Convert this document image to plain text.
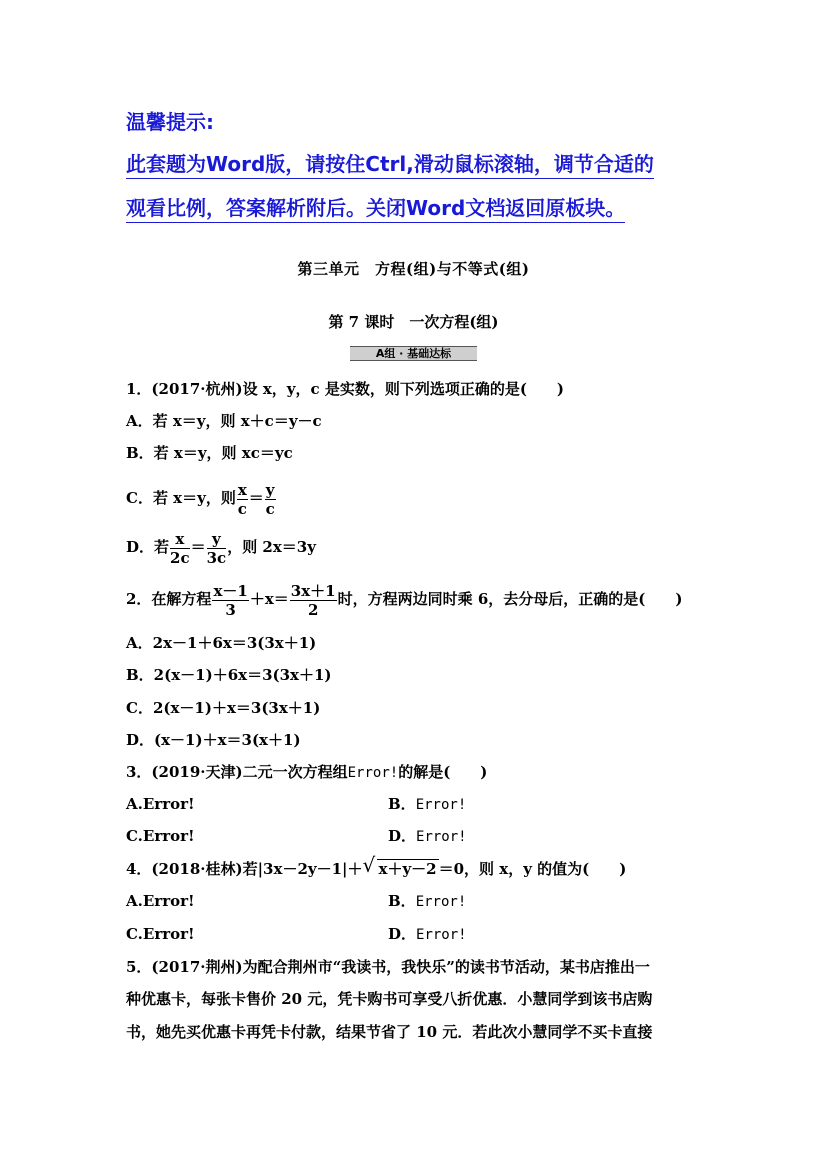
温馨提示:
此套题为Word版，请按住Ctrl,滑动鼠标滚轴，调节合适的
观看比例，答案解析附后。关闭Word文档返回原板块。
第三单元　方程(组)与不等式(组)
第 7 课时　一次方程(组)
A组 · 基础达标
1．(2017·杭州)设 x，y，c 是实数，则下列选项正确的是(　　)
A．若 x＝y，则 x＋c＝y－c
B．若 x＝y，则 xc＝yc
C．若 x＝y，则 $\frac{x}{c} = \frac{y}{c}$
D．若 $\frac{x}{2c} = \frac{y}{3c}$ ，则 2x＝3y
2．在解方程 $\frac{x-1}{3} +x= \frac{3x+1}{2}$ 时，方程两边同时乘 6，去分母后，正确的是(　　)
A．2x－1＋6x＝3(3x＋1)
B．2(x－1)＋6x＝3(3x＋1)
C．2(x－1)＋x＝3(3x＋1)
D．(x－1)＋x＝3(x＋1)
3．(2019·天津)二元一次方程组Error!的解是(　　)
A.Error!	B．Error!
C.Error!	D．Error!
4．(2018·桂林)若|3x－2y－1|＋ √ x＋y－2 ＝0，则 x，y 的值为(　　)
A.Error!	B．Error!
C.Error!	D．Error!
5．(2017·荆州)为配合荆州市“我读书，我快乐”的读书节活动，某书店推出一
种优惠卡，每张卡售价 20 元，凭卡购书可享受八折优惠．小慧同学到该书店购
书，她先买优惠卡再凭卡付款，结果节省了 10 元．若此次小慧同学不买卡直接
